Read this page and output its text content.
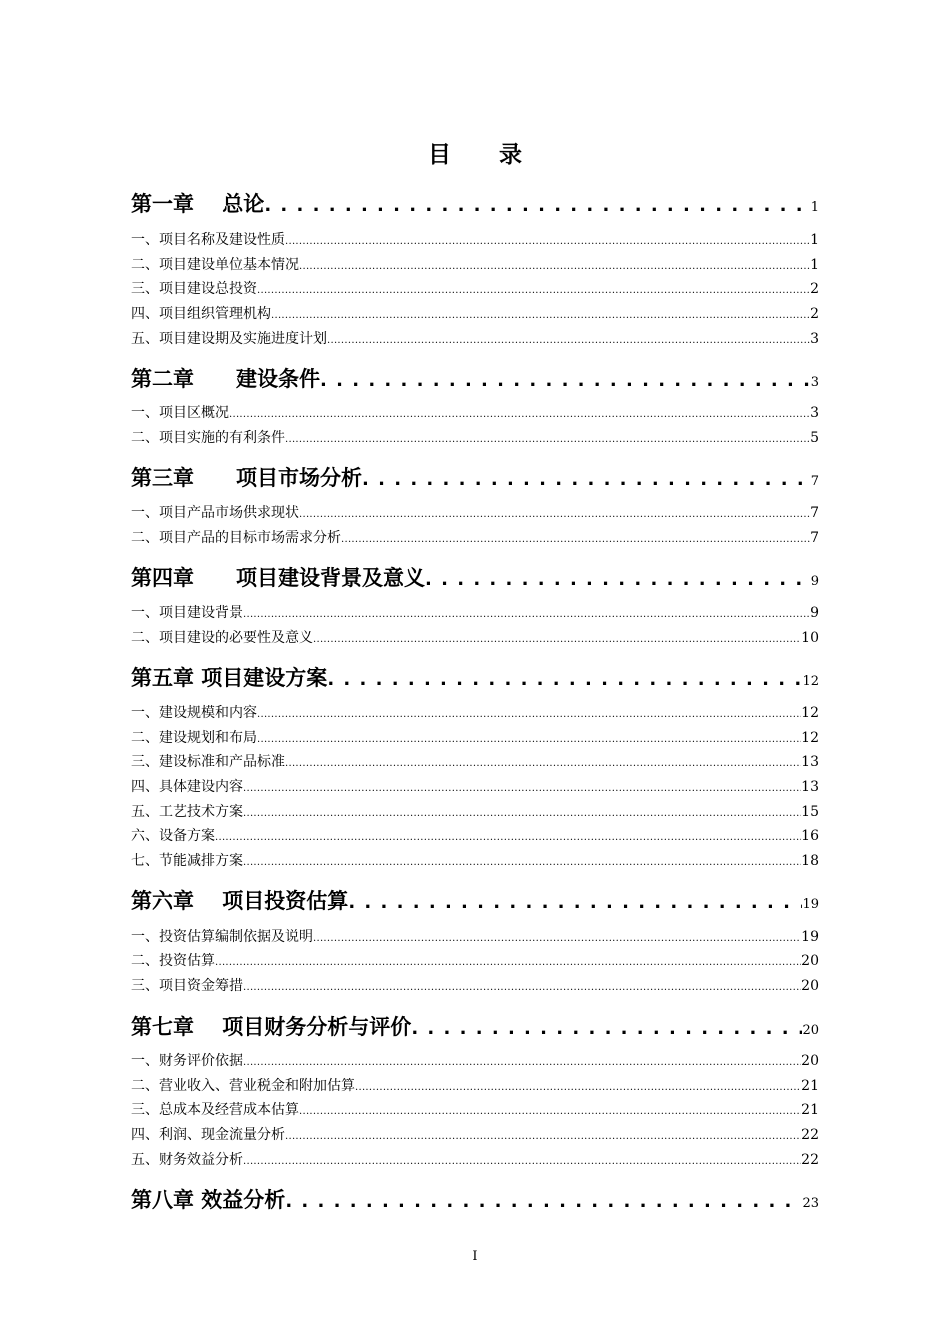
目 录
第一章　 总论 . . .	1
一、项目名称及建设性质 .....	1
二、项目建设单位基本情况 .....	1
三、项目建设总投资 .....	2
四、项目组织管理机构 .....	2
五、项目建设期及实施进度计划 .....	3
第二章　　建设条件 . . .	3
一、项目区概况 .....	3
二、项目实施的有利条件 .....	5
第三章　　项目市场分析 . . .	7
一、项目产品市场供求现状 .....	7
二、项目产品的目标市场需求分析 .....	7
第四章　　项目建设背景及意义 . . .	9
一、项目建设背景 .....	9
二、项目建设的必要性及意义 .....	10
第五章 项目建设方案 . . .	12
一、建设规模和内容 .....	12
二、建设规划和布局 .....	12
三、建设标准和产品标准 .....	13
四、具体建设内容 .....	13
五、工艺技术方案 .....	15
六、设备方案 .....	16
七、节能减排方案 .....	18
第六章　 项目投资估算 . . .	19
一、投资估算编制依据及说明 .....	19
二、投资估算 .....	20
三、项目资金筹措 .....	20
第七章　 项目财务分析与评价 . . .	20
一、财务评价依据 .....	20
二、营业收入、营业税金和附加估算 .....	21
三、总成本及经营成本估算 .....	21
四、利润、现金流量分析 .....	22
五、财务效益分析 .....	22
第八章 效益分析 . . .	23
I
